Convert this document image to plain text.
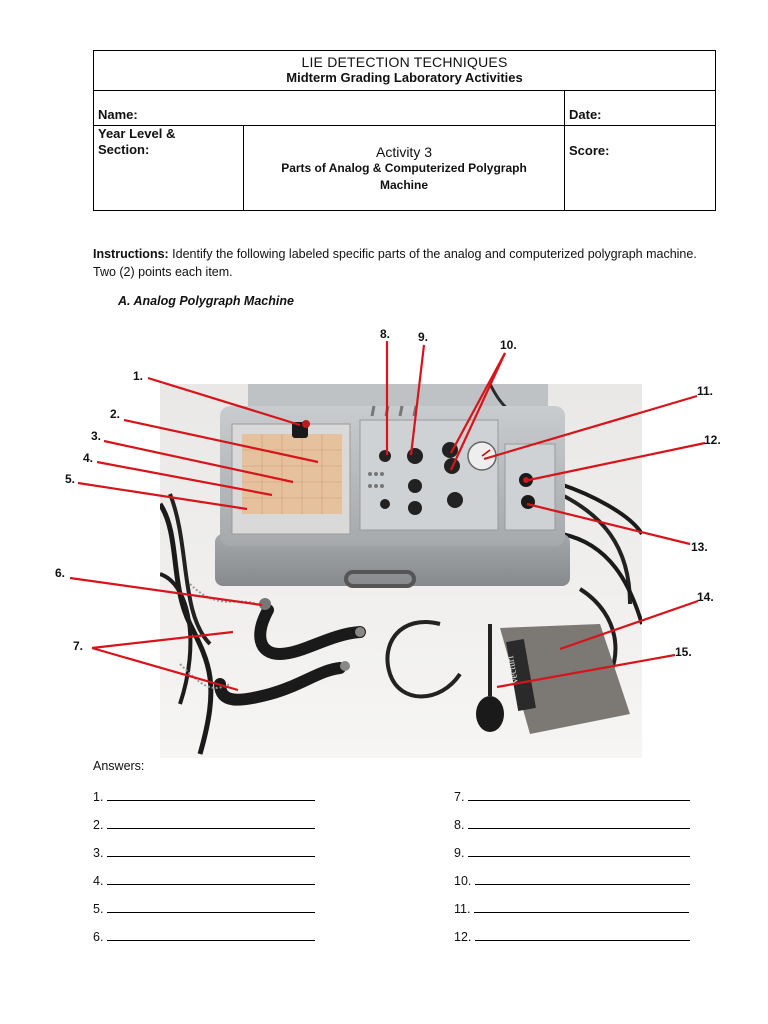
LIE DETECTION TECHNIQUES
Midterm Grading Laboratory Activities		

Name:		Date:

Year Level &
Section:	Activity 3
Parts of Analog & Computerized Polygraph
Machine	Score:
Instructions: Identify the following labeled specific parts of the analog and computerized polygraph machine. Two (2) points each item.
A. Analog Polygraph Machine
Vecturi
1.
2.
3.
4.
5.
6.
7.
8. 9.
10.
11.
12.
13.
14.
15.
Answers:
1.
2.
3.
4.
5.
6.
7.
8.
9.
10.
11.
12.
